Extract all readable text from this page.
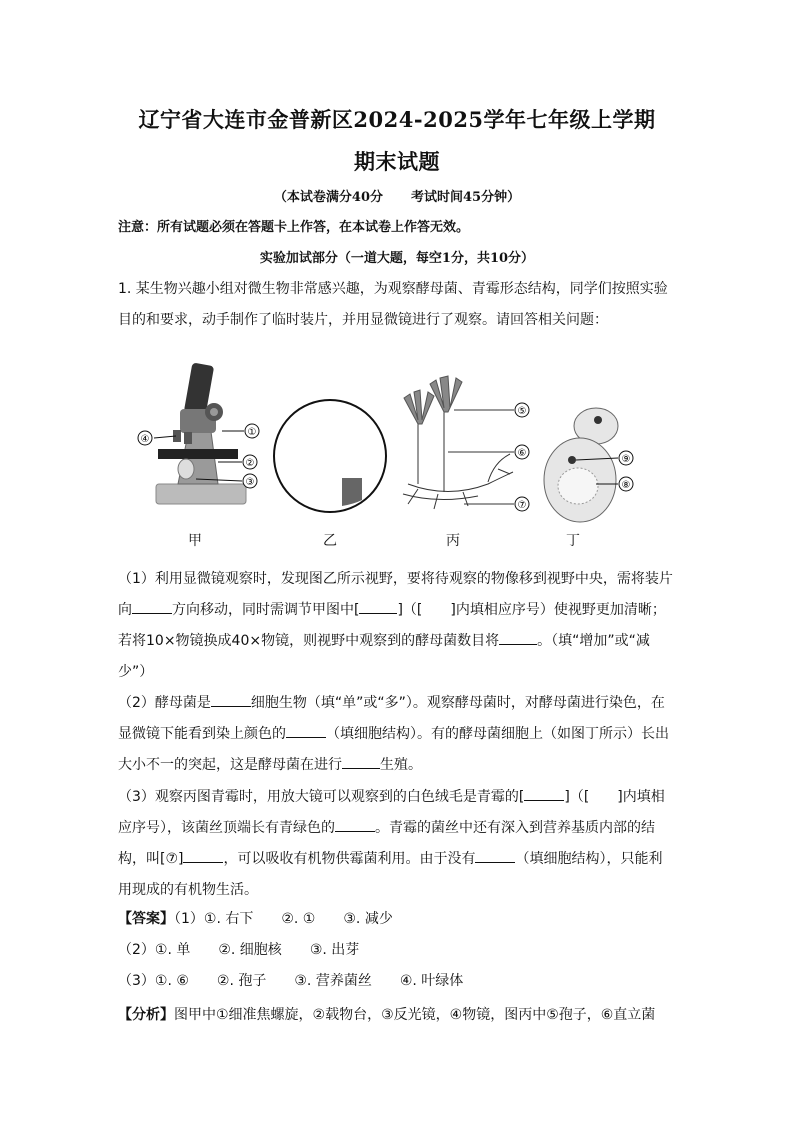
辽宁省大连市金普新区2024-2025学年七年级上学期
期末试题
（本试卷满分40分 考试时间45分钟）
注意：所有试题必须在答题卡上作答，在本试卷上作答无效。
实验加试部分（一道大题，每空1分，共10分）
1. 某生物兴趣小组对微生物非常感兴趣，为观察酵母菌、青霉形态结构，同学们按照实验目的和要求，动手制作了临时装片，并用显微镜进行了观察。请回答相关问题：
①
②
③
④
⑤
⑥
⑦
⑨
⑧
甲	乙	丙	丁
（1）利用显微镜观察时，发现图乙所示视野，要将待观察的物像移到视野中央，需将装片向	方向移动，同时需调节甲图中[	]（[　　]内填相应序号）使视野更加清晰；若将10×物镜换成40×物镜，则视野中观察到的酵母菌数目将	。（填“增加”或“减少”）
（2）酵母菌是	细胞生物（填“单”或“多”）。观察酵母菌时，对酵母菌进行染色，在显微镜下能看到染上颜色的	（填细胞结构）。有的酵母菌细胞上（如图丁所示）长出大小不一的突起，这是酵母菌在进行	生殖。
（3）观察丙图青霉时，用放大镜可以观察到的白色绒毛是青霉的[	]（[　　]内填相应序号），该菌丝顶端长有青绿色的	。青霉的菌丝中还有深入到营养基质内部的结构，叫[⑦]	，可以吸收有机物供霉菌利用。由于没有	（填细胞结构），只能利用现成的有机物生活。
【答案】（1）①. 右下 ②. ① ③. 减少
（2）①. 单 ②. 细胞核 ③. 出芽
（3）①. ⑥ ②. 孢子 ③. 营养菌丝 ④. 叶绿体
【分析】图甲中①细准焦螺旋，②载物台，③反光镜，④物镜，图丙中⑤孢子，⑥直立菌
